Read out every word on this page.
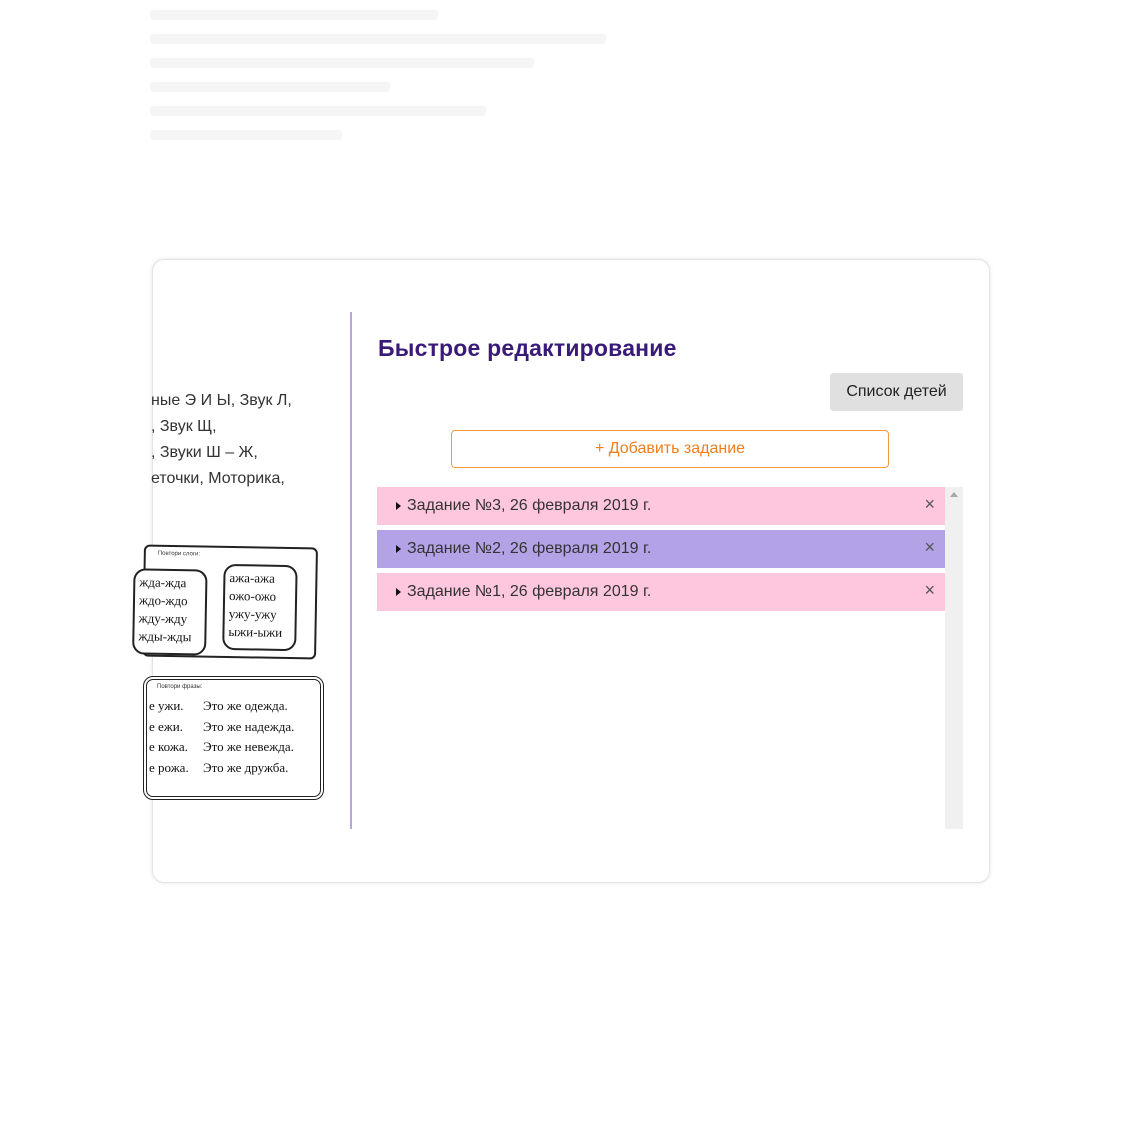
ные Э И Ы, Звук Л,
, Звук Щ,
, Звуки Ш – Ж,
еточки, Моторика,
Повтори слоги:
жда-жда
ждо-ждо
жду-жду
жды-жды
ажа-ажа
ожо-ожо
ужу-ужу
ыжи-ыжи
Повтори фразы:
е ужи. Это же одежда.
е ежи. Это же надежда.
е кожа. Это же невежда.
е рожа. Это же дружба.
Быстрое редактирование
Список детей
+ Добавить задание
Задание №3, 26 февраля 2019 г.	×
Задание №2, 26 февраля 2019 г.	×
Задание №1, 26 февраля 2019 г.	×
